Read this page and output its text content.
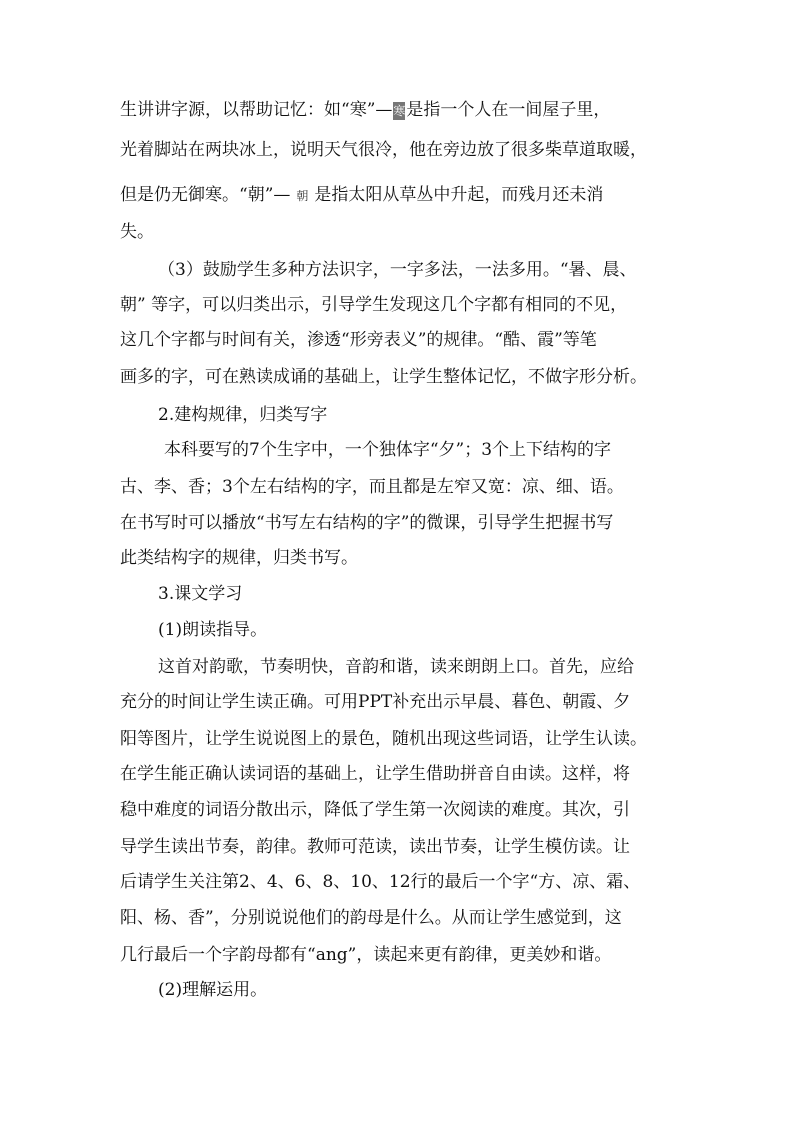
生讲讲字源，以帮助记忆：如“寒”—寒是指一个人在一间屋子里，
光着脚站在两块冰上，说明天气很冷，他在旁边放了很多柴草道取暖，
但是仍无御寒。“朝”— 朝 是指太阳从草丛中升起，而残月还未消
失。
（3）鼓励学生多种方法识字，一字多法，一法多用。“暑、晨、
朝” 等字，可以归类出示，引导学生发现这几个字都有相同的不见，
这几个字都与时间有关，渗透“形旁表义”的规律。“酷、霞”等笔
画多的字，可在熟读成诵的基础上，让学生整体记忆，不做字形分析。
2.建构规律，归类写字
本科要写的7个生字中，一个独体字“夕”；3个上下结构的字
古、李、香；3个左右结构的字，而且都是左窄又宽：凉、细、语。
在书写时可以播放“书写左右结构的字”的微课，引导学生把握书写
此类结构字的规律，归类书写。
3.课文学习
(1)朗读指导。
这首对韵歌，节奏明快，音韵和谐，读来朗朗上口。首先，应给
充分的时间让学生读正确。可用PPT补充出示早晨、暮色、朝霞、夕
阳等图片，让学生说说图上的景色，随机出现这些词语，让学生认读。
在学生能正确认读词语的基础上，让学生借助拼音自由读。这样，将
稳中难度的词语分散出示，降低了学生第一次阅读的难度。其次，引
导学生读出节奏，韵律。教师可范读，读出节奏，让学生模仿读。让
后请学生关注第2、4、6、8、10、12行的最后一个字“方、凉、霜、
阳、杨、香”，分别说说他们的韵母是什么。从而让学生感觉到，这
几行最后一个字韵母都有“ang”，读起来更有韵律，更美妙和谐。
(2)理解运用。
